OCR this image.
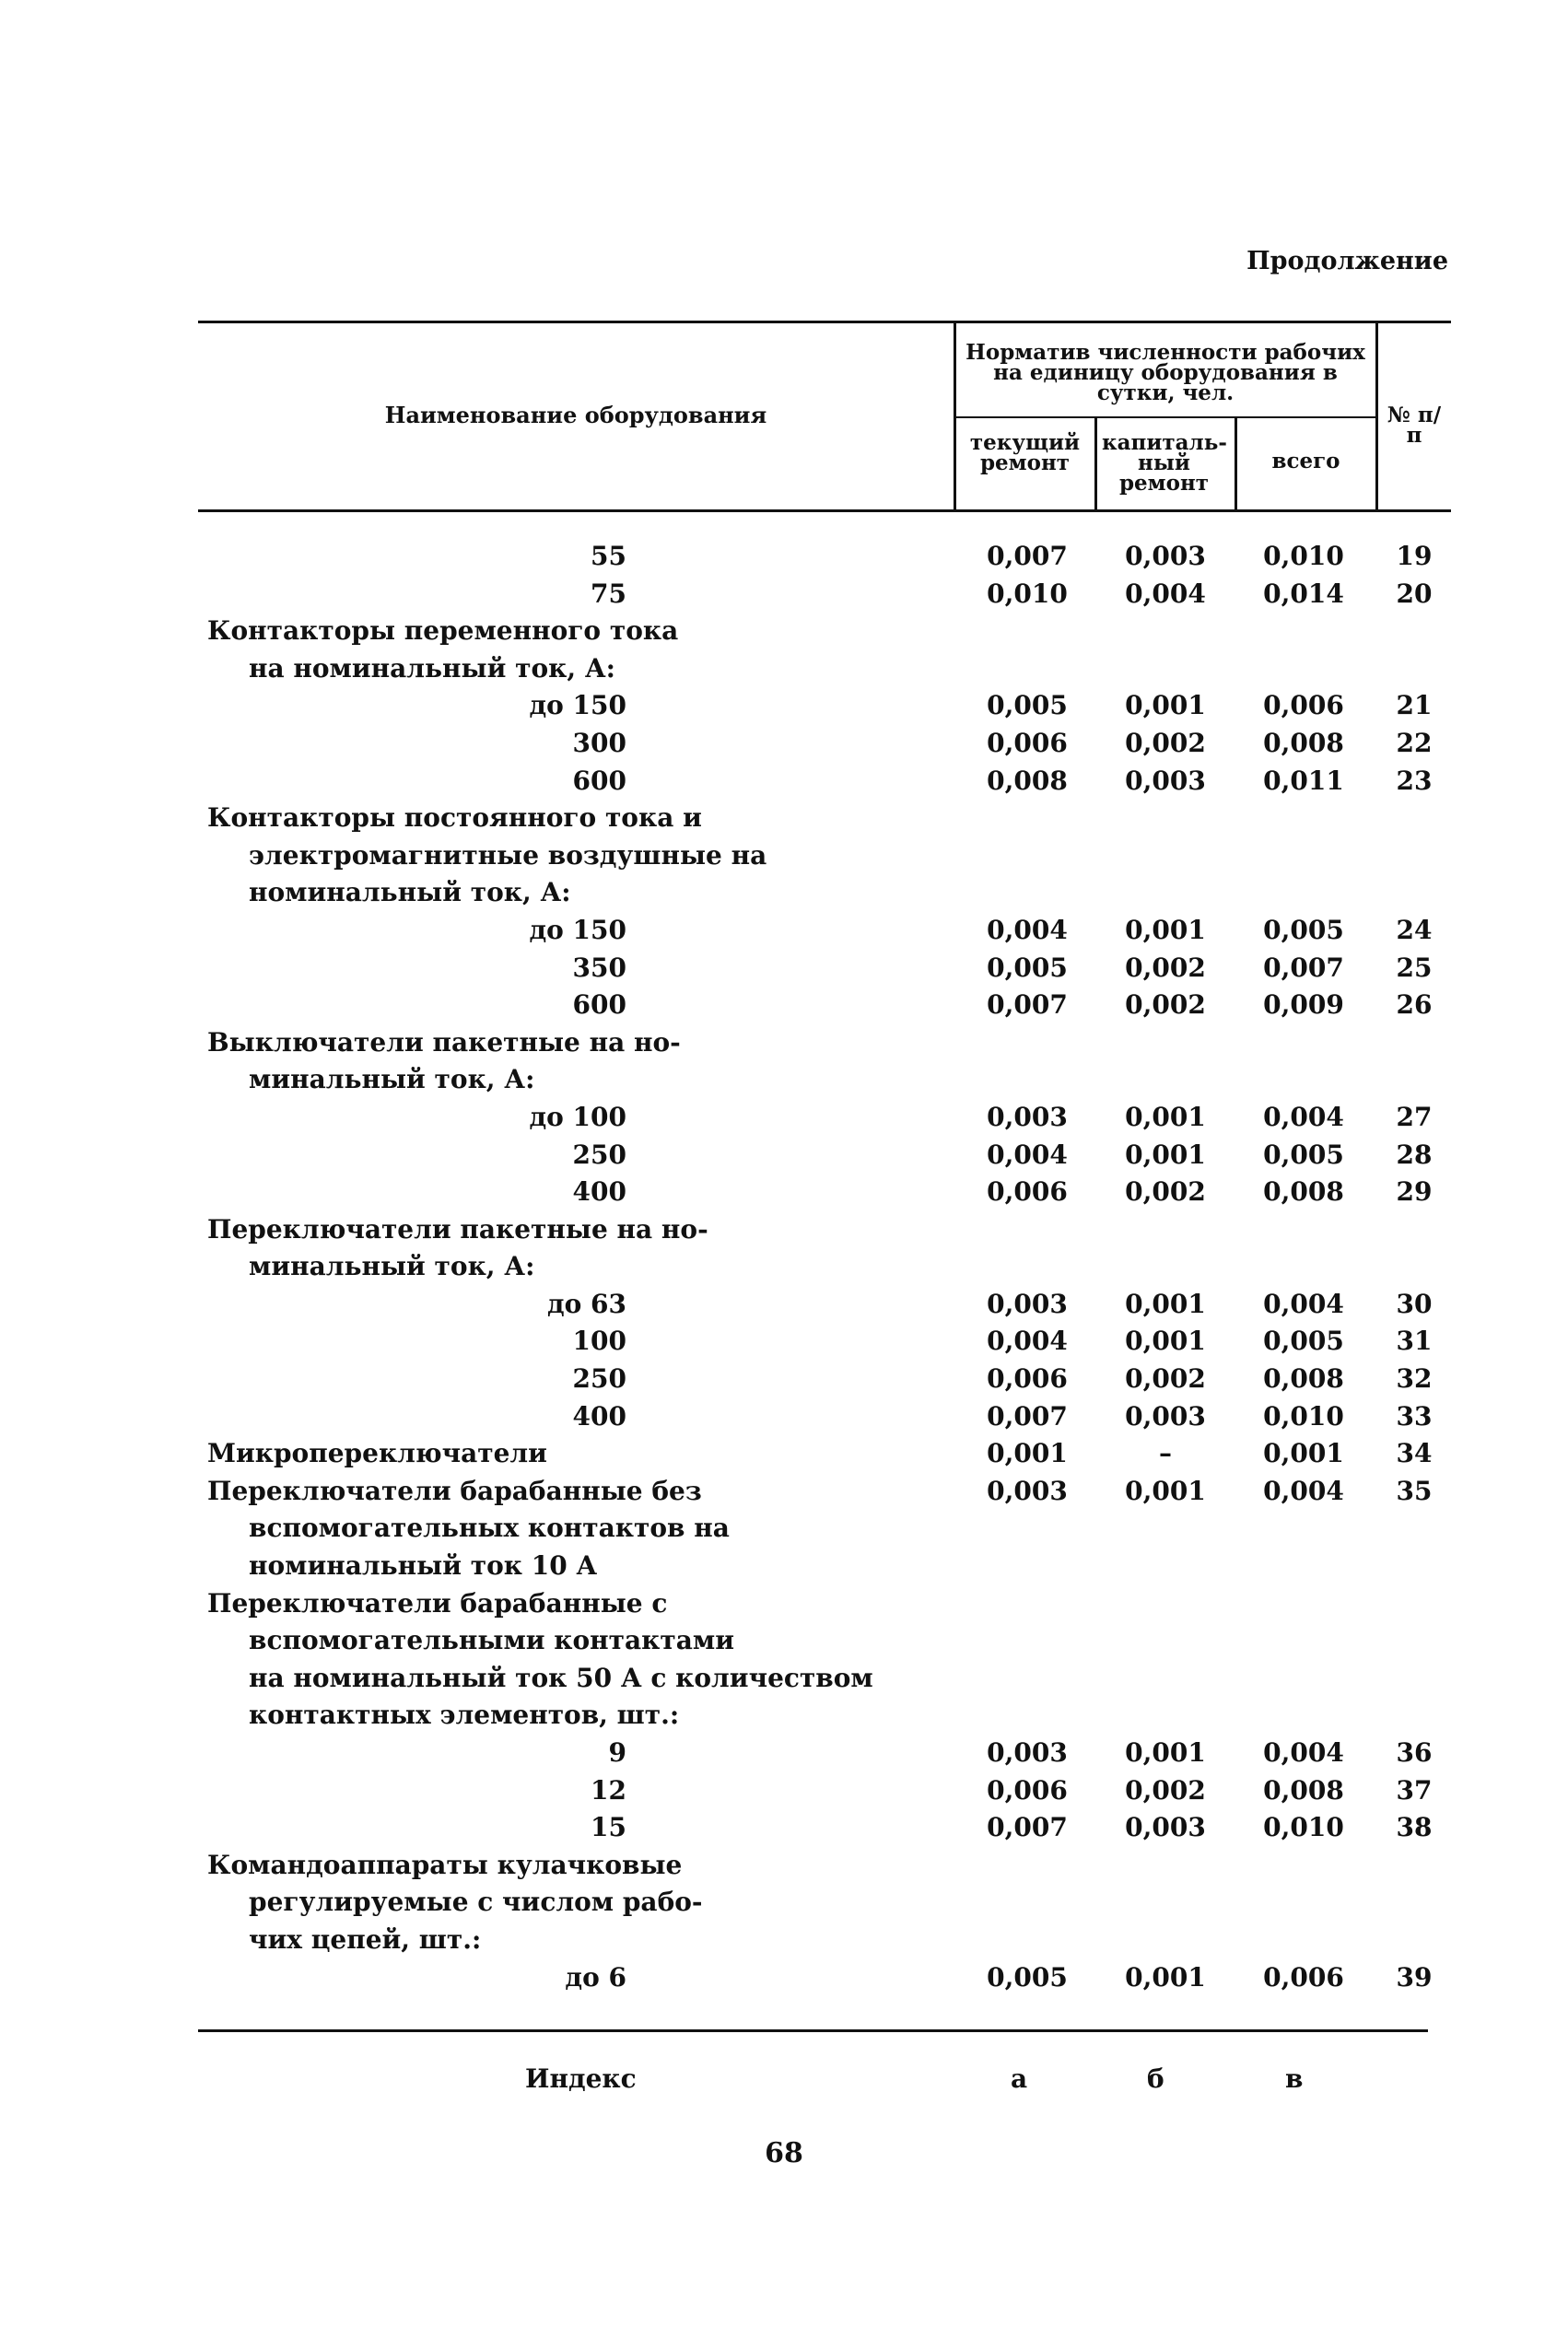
Продолжение
Наименование оборудования
Норматив численности рабочих на единицу оборудования в сутки, чел.
текущий ремонт
капиталь-ный ремонт
всего
№ п/п
55	0,007	0,003	0,010	19
75	0,010	0,004	0,014	20
Контакторы переменного тока
на номинальный ток, А:
до 150	0,005	0,001	0,006	21
300	0,006	0,002	0,008	22
600	0,008	0,003	0,011	23
Контакторы постоянного тока и
электромагнитные воздушные на
номинальный ток, А:
до 150	0,004	0,001	0,005	24
350	0,005	0,002	0,007	25
600	0,007	0,002	0,009	26
Выключатели пакетные на но-
минальный ток, А:
до 100	0,003	0,001	0,004	27
250	0,004	0,001	0,005	28
400	0,006	0,002	0,008	29
Переключатели пакетные на но-
минальный ток, А:
до 63	0,003	0,001	0,004	30
100	0,004	0,001	0,005	31
250	0,006	0,002	0,008	32
400	0,007	0,003	0,010	33
Микропереключатели	0,001	–	0,001	34
Переключатели барабанные без	0,003	0,001	0,004	35
вспомогательных контактов на
номинальный ток 10 А
Переключатели барабанные с
вспомогательными контактами
на номинальный ток 50 А с количеством
контактных элементов, шт.:
9	0,003	0,001	0,004	36
12	0,006	0,002	0,008	37
15	0,007	0,003	0,010	38
Командоаппараты кулачковые
регулируемые с числом рабо-
чих цепей, шт.:
до 6	0,005	0,001	0,006	39
Индекс	а	б	в
68
